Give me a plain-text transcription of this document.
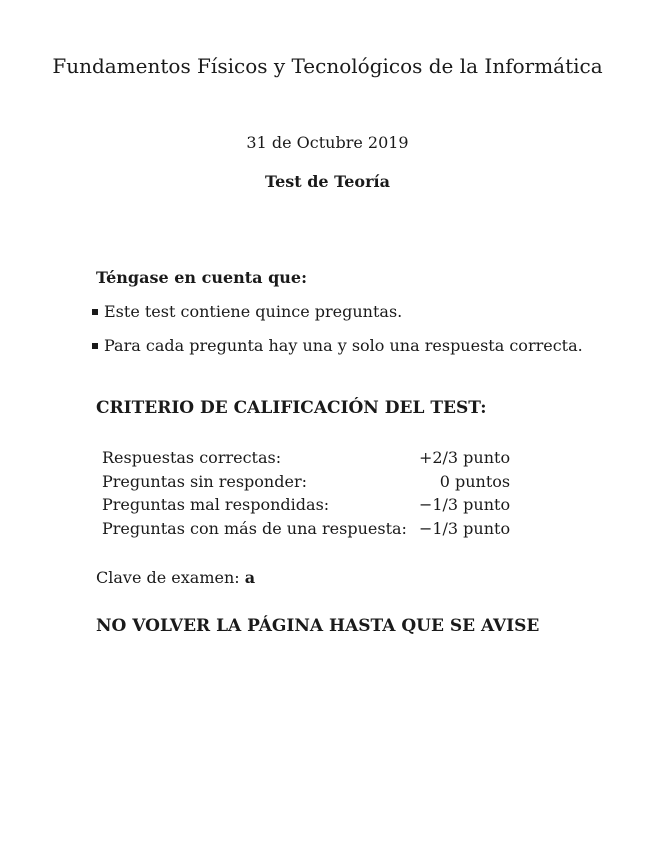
Fundamentos Físicos y Tecnológicos de la Informática
31 de Octubre 2019
Test de Teoría
Téngase en cuenta que:
Este test contiene quince preguntas.
Para cada pregunta hay una y solo una respuesta correcta.
CRITERIO DE CALIFICACIÓN DEL TEST:
Respuestas correctas:	+2/3 punto
Preguntas sin responder:	0 puntos
Preguntas mal respondidas:	−1/3 punto
Preguntas con más de una respuesta:	−1/3 punto
Clave de examen: a
NO VOLVER LA PÁGINA HASTA QUE SE AVISE
